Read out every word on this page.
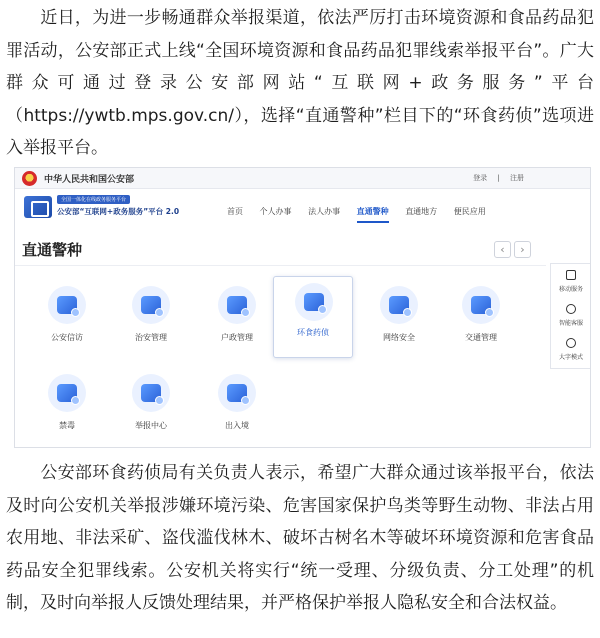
近日，为进一步畅通群众举报渠道，依法严厉打击环境资源和食品药品犯罪活动，公安部正式上线“全国环境资源和食品药品犯罪线索举报平台”。广大群众可通过登录公安部网站“互联网+政务服务”平台（https://ywtb.mps.gov.cn/），选择“直通警种”栏目下的“环食药侦”选项进入举报平台。

中华人民共和国公安部	登录 | 注册
全国一体化在线政务服务平台
公安部“互联网+政务服务”平台 2.0	首页 个人办事 法人办事 直通警种 直通地方 便民应用
直通警种	‹	›
公安信访	治安管理	户政管理
环食药侦
网络安全	交通管理
禁毒	举报中心	出入境
移动服务
智能客服
大字模式

公安部环食药侦局有关负责人表示，希望广大群众通过该举报平台，依法及时向公安机关举报涉嫌环境污染、危害国家保护鸟类等野生动物、非法占用农用地、非法采矿、盗伐滥伐林木、破坏古树名木等破坏环境资源和危害食品药品安全犯罪线索。公安机关将实行“统一受理、分级负责、分工处理”的机制，及时向举报人反馈处理结果，并严格保护举报人隐私安全和合法权益。
